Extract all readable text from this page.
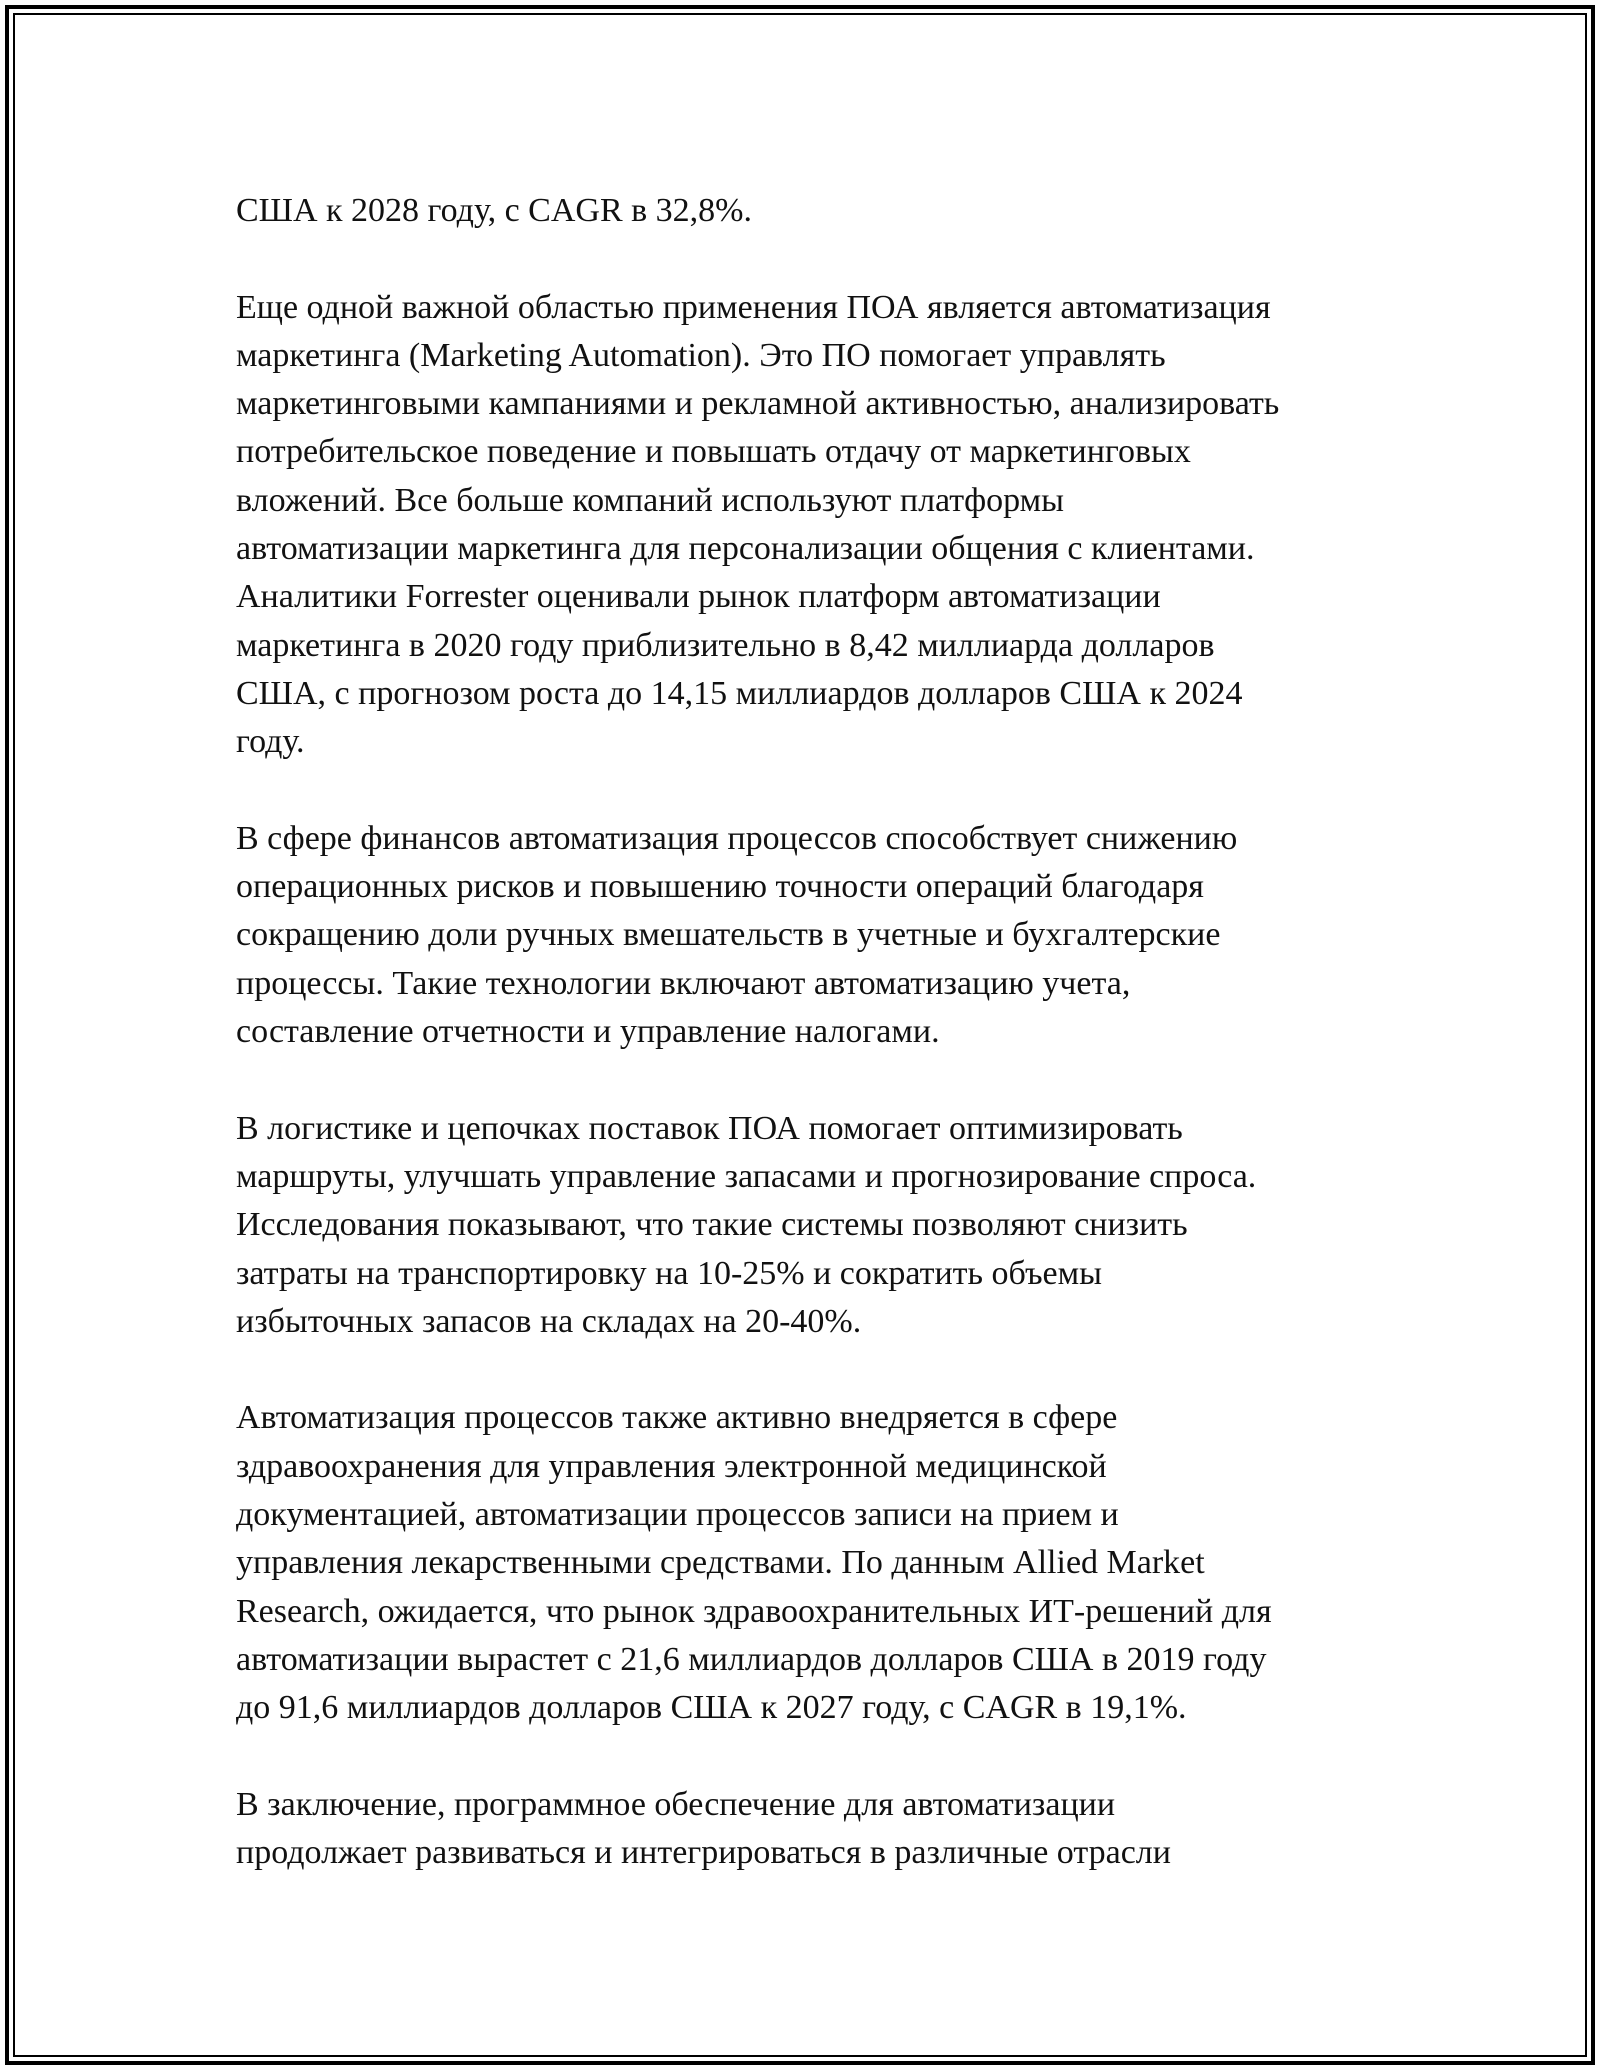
США к 2028 году, с CAGR в 32,8%.

Еще одной важной областью применения ПОА является автоматизация
маркетинга (Marketing Automation). Это ПО помогает управлять
маркетинговыми кампаниями и рекламной активностью, анализировать
потребительское поведение и повышать отдачу от маркетинговых
вложений. Все больше компаний используют платформы
автоматизации маркетинга для персонализации общения с клиентами.
Аналитики Forrester оценивали рынок платформ автоматизации
маркетинга в 2020 году приблизительно в 8,42 миллиарда долларов
США, с прогнозом роста до 14,15 миллиардов долларов США к 2024
году.

В сфере финансов автоматизация процессов способствует снижению
операционных рисков и повышению точности операций благодаря
сокращению доли ручных вмешательств в учетные и бухгалтерские
процессы. Такие технологии включают автоматизацию учета,
составление отчетности и управление налогами.

В логистике и цепочках поставок ПОА помогает оптимизировать
маршруты, улучшать управление запасами и прогнозирование спроса.
Исследования показывают, что такие системы позволяют снизить
затраты на транспортировку на 10-25% и сократить объемы
избыточных запасов на складах на 20-40%.

Автоматизация процессов также активно внедряется в сфере
здравоохранения для управления электронной медицинской
документацией, автоматизации процессов записи на прием и
управления лекарственными средствами. По данным Allied Market
Research, ожидается, что рынок здравоохранительных ИТ-решений для
автоматизации вырастет с 21,6 миллиардов долларов США в 2019 году
до 91,6 миллиардов долларов США к 2027 году, с CAGR в 19,1%.

В заключение, программное обеспечение для автоматизации
продолжает развиваться и интегрироваться в различные отрасли
